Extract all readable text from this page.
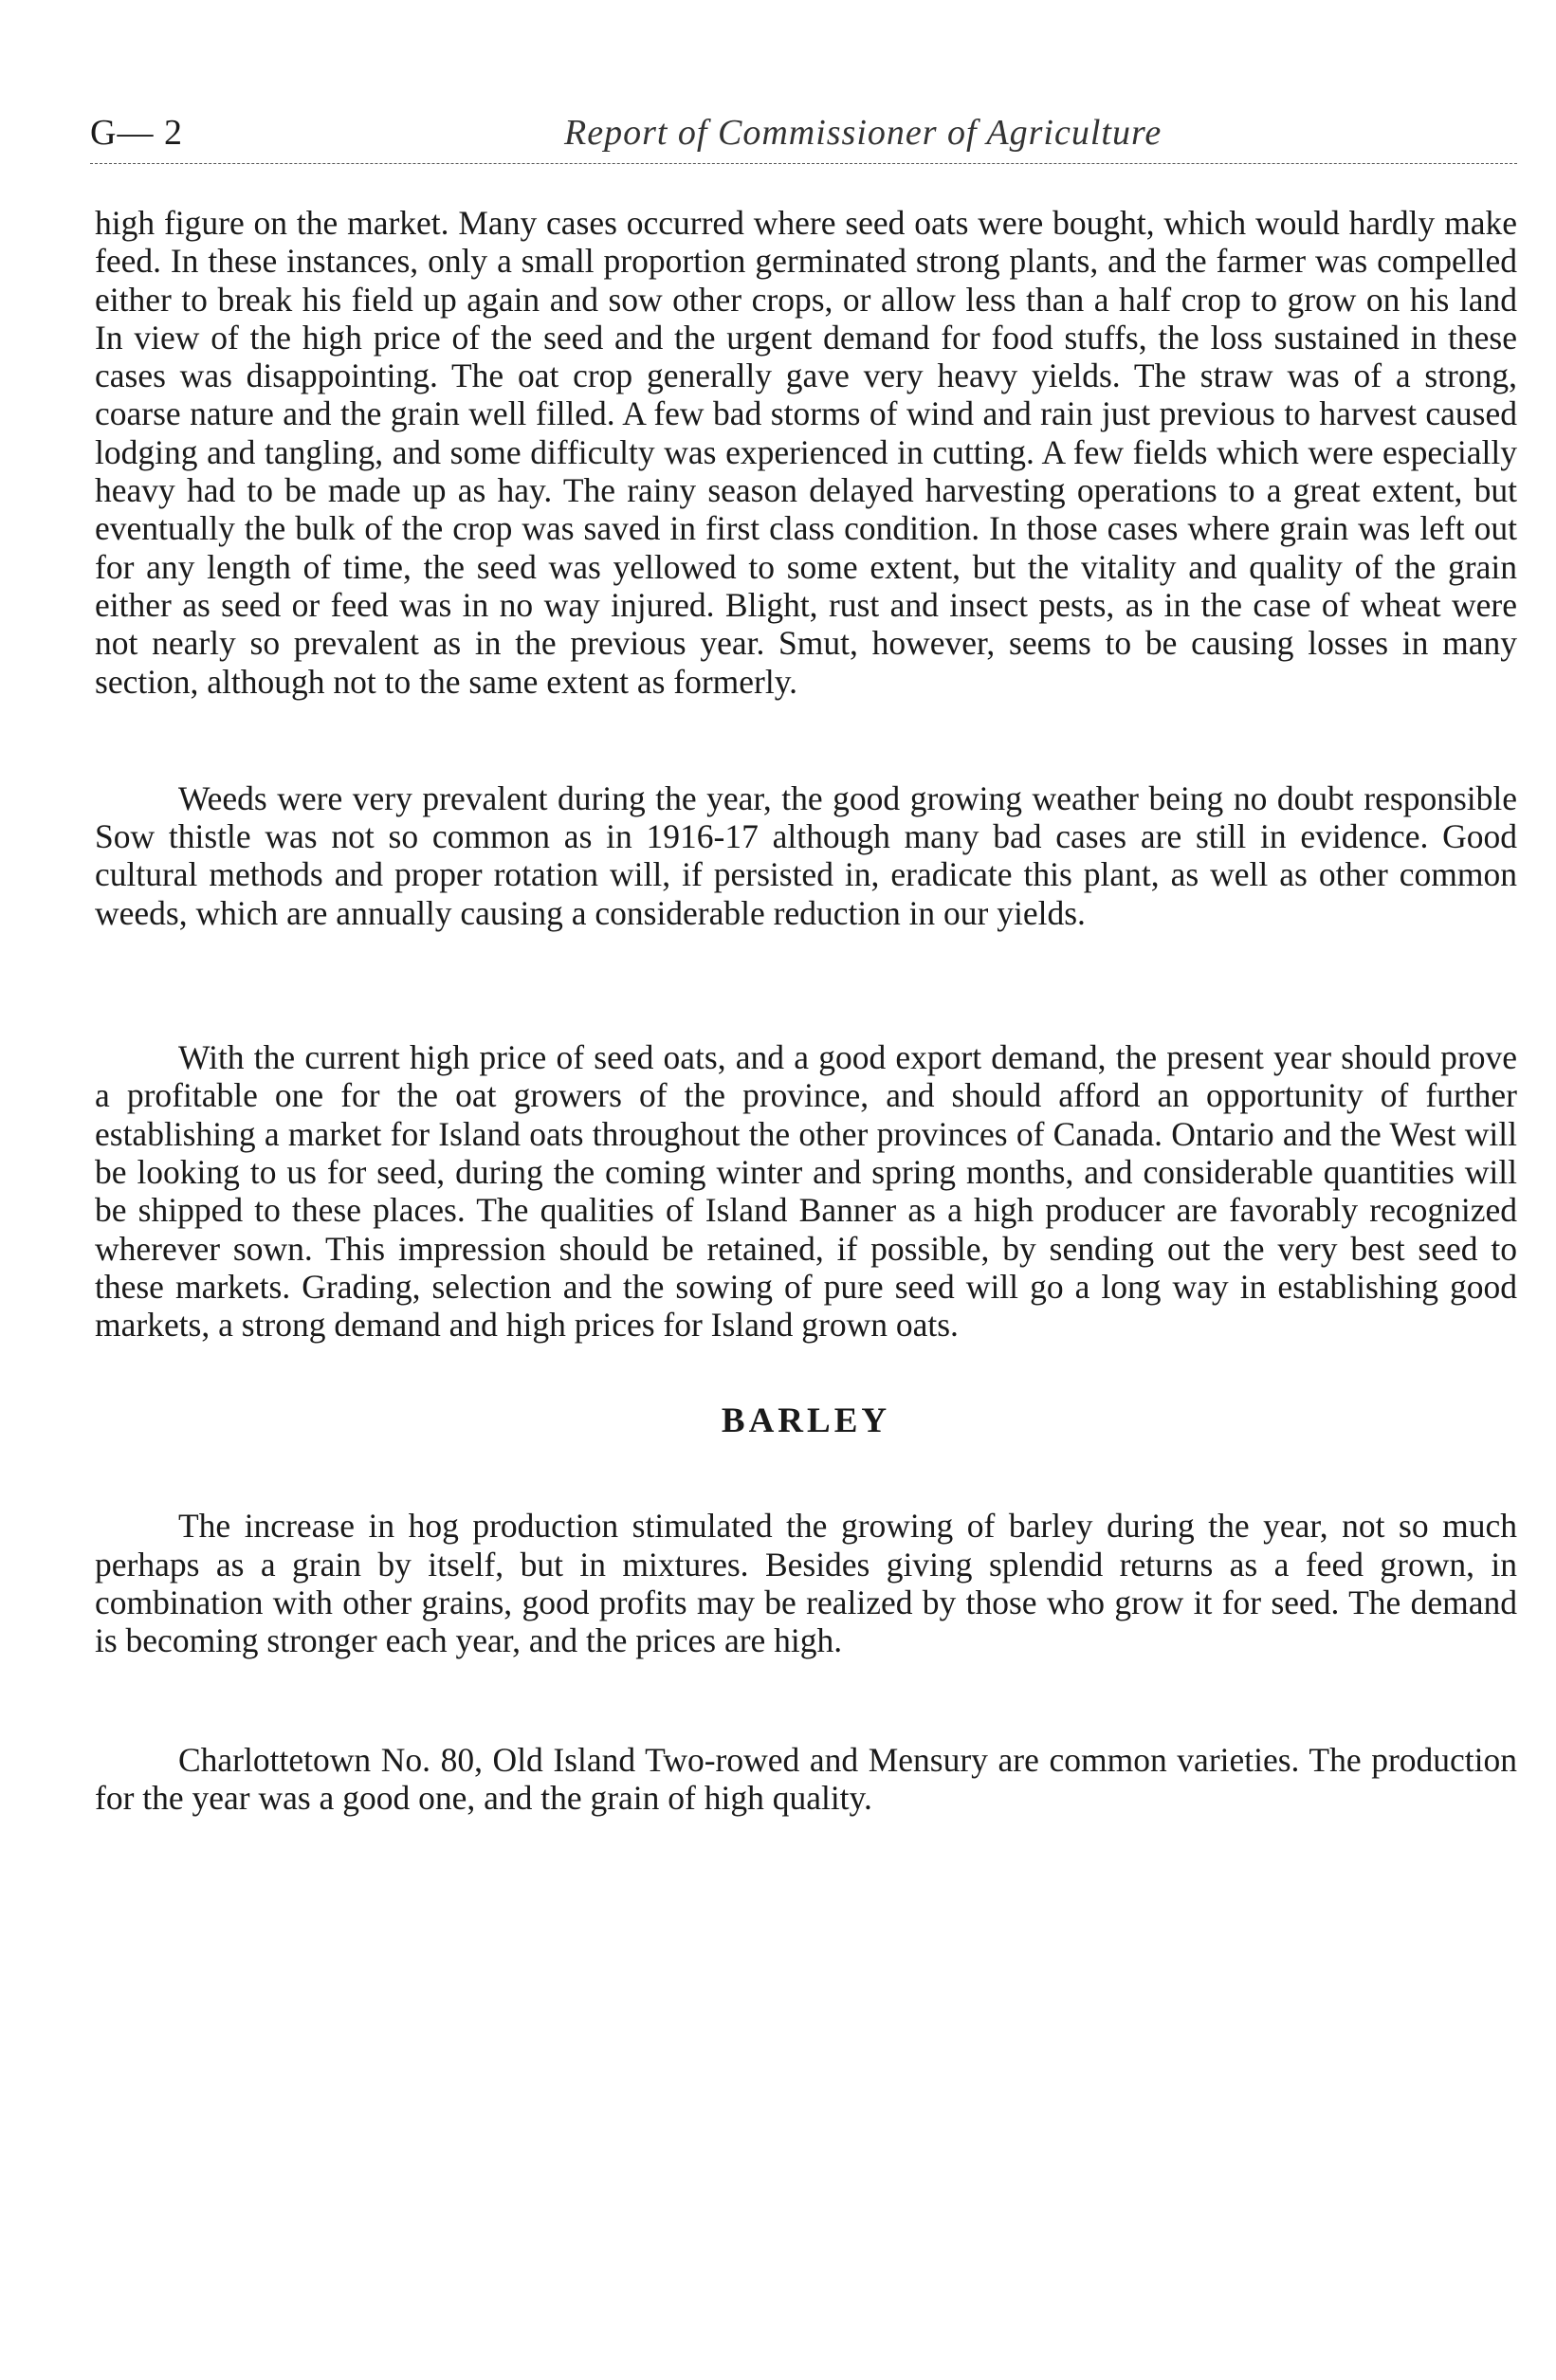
G— 2	Report of Commissioner of Agriculture

high figure on the market. Many cases occurred where seed oats were bought, which would hardly make feed. In these instances, only a small proportion germinated strong plants, and the farmer was compelled either to break his field up again and sow other crops, or allow less than a half crop to grow on his land In view of the high price of the seed and the urgent demand for food stuffs, the loss sustained in these cases was disappointing. The oat crop generally gave very heavy yields. The straw was of a strong, coarse nature and the grain well filled. A few bad storms of wind and rain just previous to harvest caused lodging and tangling, and some difficulty was experienced in cutting. A few fields which were especially heavy had to be made up as hay. The rainy season delayed harvesting operations to a great extent, but eventually the bulk of the crop was saved in first class condition. In those cases where grain was left out for any length of time, the seed was yellowed to some extent, but the vitality and quality of the grain either as seed or feed was in no way injured. Blight, rust and insect pests, as in the case of wheat were not nearly so prevalent as in the previous year. Smut, however, seems to be causing losses in many section, although not to the same extent as formerly.

Weeds were very prevalent during the year, the good growing weather being no doubt responsible Sow thistle was not so common as in 1916-17 although many bad cases are still in evidence. Good cultural methods and proper rotation will, if persisted in, eradicate this plant, as well as other common weeds, which are annually causing a considerable reduction in our yields.

With the current high price of seed oats, and a good export demand, the present year should prove a profitable one for the oat growers of the province, and should afford an opportunity of further establishing a market for Island oats throughout the other provinces of Canada. Ontario and the West will be looking to us for seed, during the coming winter and spring months, and considerable quantities will be shipped to these places. The qualities of Island Banner as a high producer are favorably recognized wherever sown. This impression should be retained, if possible, by sending out the very best seed to these markets. Grading, selection and the sowing of pure seed will go a long way in establishing good markets, a strong demand and high prices for Island grown oats.

BARLEY

The increase in hog production stimulated the growing of barley during the year, not so much perhaps as a grain by itself, but in mixtures. Besides giving splendid returns as a feed grown, in combination with other grains, good profits may be realized by those who grow it for seed. The demand is becoming stronger each year, and the prices are high.

Charlottetown No. 80, Old Island Two-rowed and Mensury are common varieties. The production for the year was a good one, and the grain of high quality.
